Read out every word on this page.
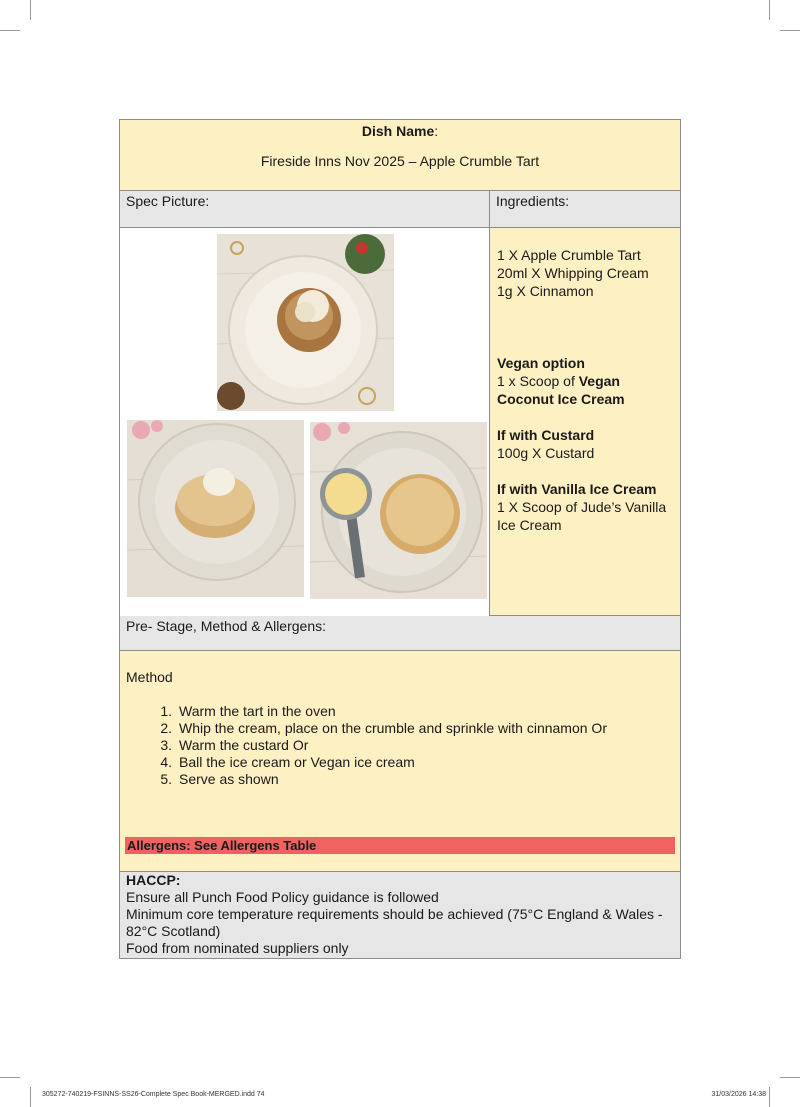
Dish Name:
Fireside Inns Nov 2025 – Apple Crumble Tart
Spec Picture:	Ingredients:

1 X Apple Crumble Tart

20ml X Whipping Cream

1g X Cinnamon

Vegan option

1 x Scoop of Vegan Coconut Ice Cream

If with Custard

100g X Custard

If with Vanilla Ice Cream

1 X Scoop of Jude’s Vanilla Ice Cream

Pre- Stage, Method & Allergens:
Method
1. Warm the tart in the oven
2. Whip the cream, place on the crumble and sprinkle with cinnamon Or
3. Warm the custard Or
4. Ball the ice cream or Vegan ice cream
5. Serve as shown
Allergens: See Allergens Table

HACCP:

Ensure all Punch Food Policy guidance is followed

Minimum core temperature requirements should be achieved (75°C England & Wales - 82°C Scotland)

Food from nominated suppliers only

305272-740219-FSINNS-SS26-Complete Spec Book-MERGED.indd 74	31/03/2026 14:38
